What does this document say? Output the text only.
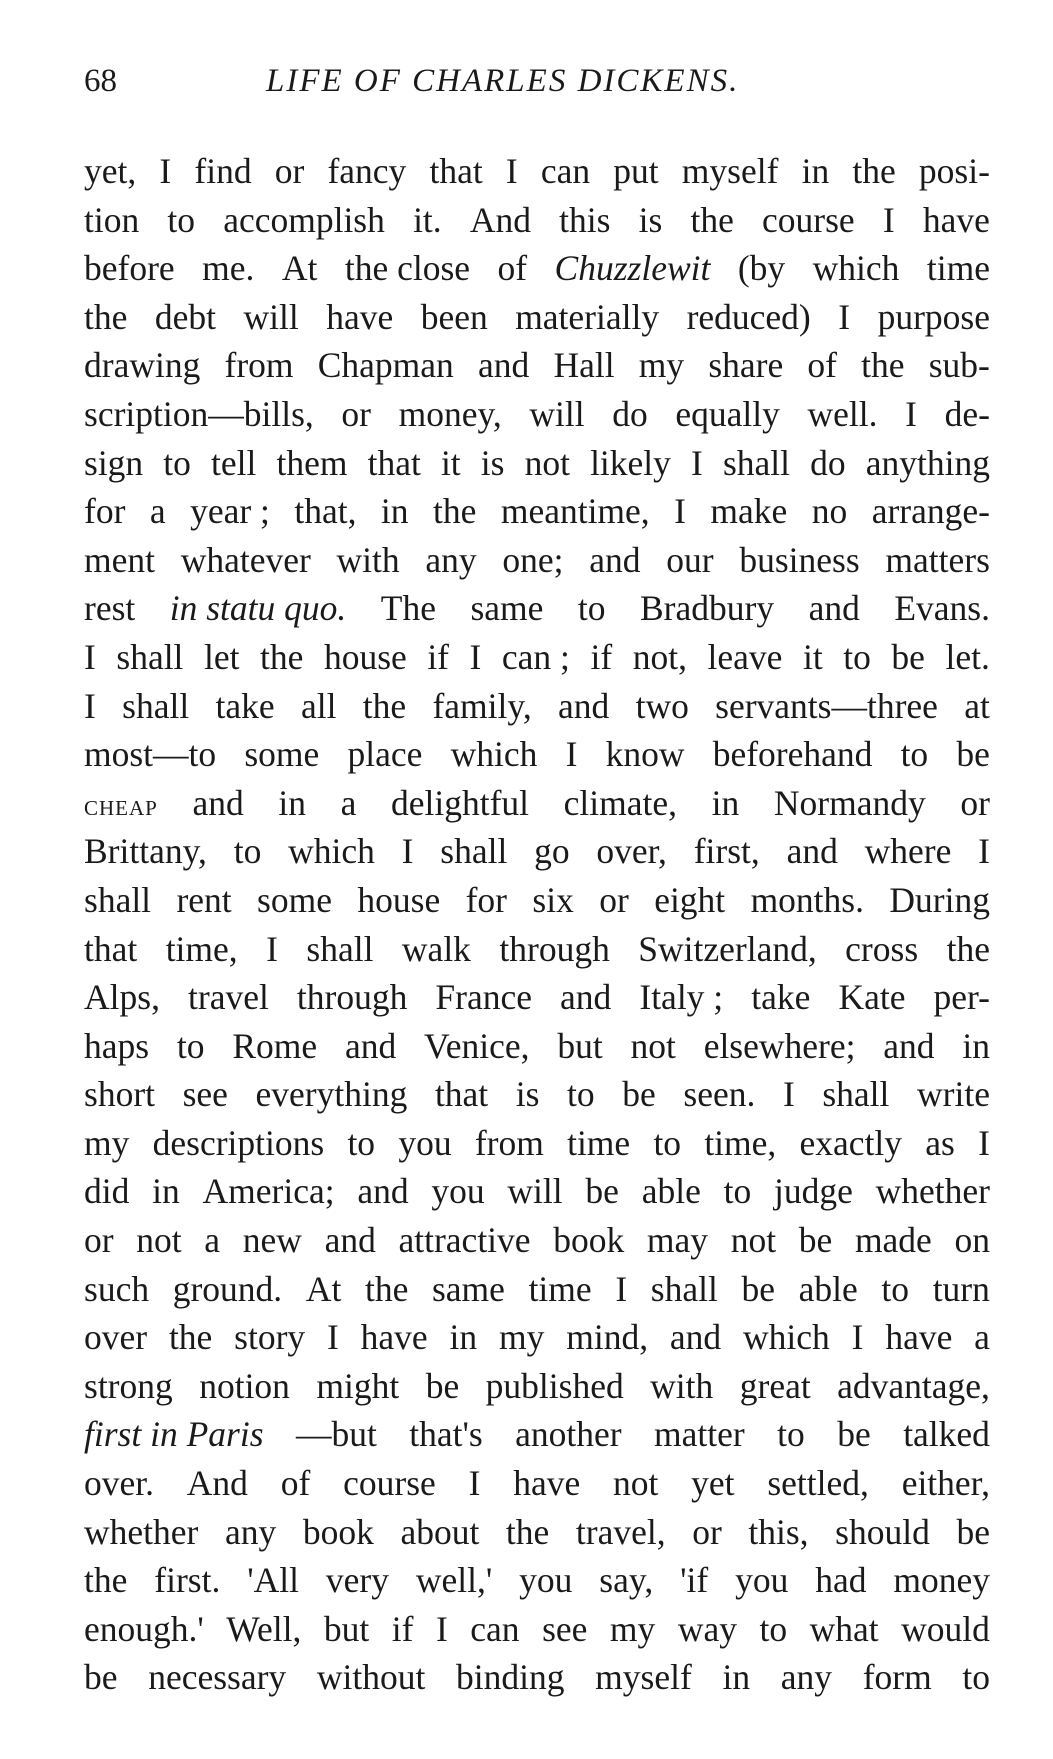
68	LIFE OF CHARLES DICKENS.
yet, I find or fancy that I can put myself in the posi-
tion to accomplish it. And this is the course I have
before me. At the close of Chuzzlewit (by which time
the debt will have been materially reduced) I purpose
drawing from Chapman and Hall my share of the sub-
scription—bills, or money, will do equally well. I de-
sign to tell them that it is not likely I shall do anything
for a year ; that, in the meantime, I make no arrange-
ment whatever with any one; and our business matters
rest in statu quo. The same to Bradbury and Evans.
I shall let the house if I can ; if not, leave it to be let.
I shall take all the family, and two servants—three at
most—to some place which I know beforehand to be
cheap and in a delightful climate, in Normandy or
Brittany, to which I shall go over, first, and where I
shall rent some house for six or eight months. During
that time, I shall walk through Switzerland, cross the
Alps, travel through France and Italy ; take Kate per-
haps to Rome and Venice, but not elsewhere; and in
short see everything that is to be seen. I shall write
my descriptions to you from time to time, exactly as I
did in America; and you will be able to judge whether
or not a new and attractive book may not be made on
such ground. At the same time I shall be able to turn
over the story I have in my mind, and which I have a
strong notion might be published with great advantage,
first in Paris —but that's another matter to be talked
over. And of course I have not yet settled, either,
whether any book about the travel, or this, should be
the first. 'All very well,' you say, 'if you had money
enough.' Well, but if I can see my way to what would
be necessary without binding myself in any form to
